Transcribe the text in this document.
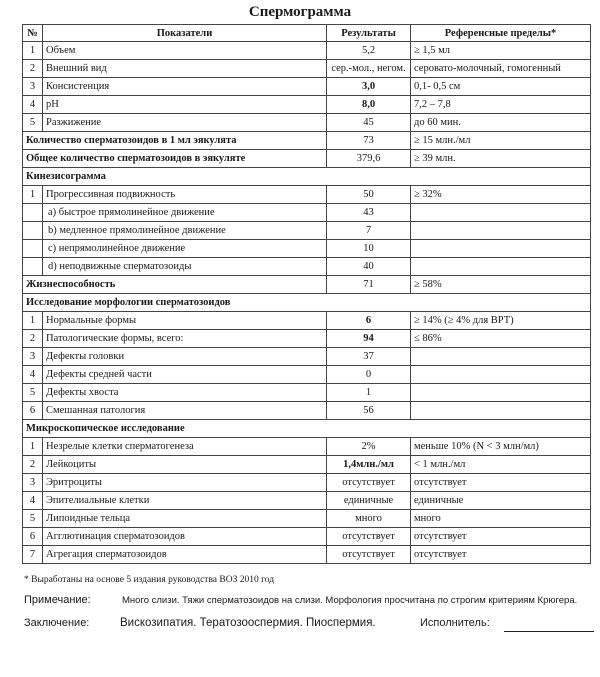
Спермограмма
№	Показатели	Результаты	Референсные пределы*
1	Объем	5,2	≥ 1,5 мл
2	Внешний вид	сер.-мол., негом.	серовато-молочный, гомогенный
3	Консистенция	3,0	0,1- 0,5 см
4	pH	8,0	7,2 – 7,8
5	Разжижение	45	до 60 мин.
Количество сперматозоидов в 1 мл эякулята		73	≥ 15 млн./мл
Общее количество сперматозоидов в эякуляте		379,6	≥ 39 млн.
Кинезисограмма			
1	Прогрессивная подвижность	50	≥ 32%
	a) быстрое прямолинейное движение	43	
	b) медленное прямолинейное движение	7	
	c) непрямолинейное движение	10	
	d) неподвижные сперматозоиды	40	
Жизнеспособность		71	≥ 58%
Исследование морфологии сперматозоидов			
1	Нормальные формы	6	≥ 14% (≥ 4% для ВРТ)
2	Патологические формы, всего:	94	≤ 86%
3	Дефекты головки	37	
4	Дефекты средней части	0	
5	Дефекты хвоста	1	
6	Смешанная патология	56	
Микроскопическое исследование			
1	Незрелые клетки сперматогенеза	2%	меньше 10% (N < 3 млн/мл)
2	Лейкоциты	1,4млн./мл	< 1 млн./мл
3	Эритроциты	отсутствует	отсутствует
4	Эпителиальные клетки	единичные	единичные
5	Липоидные тельца	много	много
6	Агглютинация сперматозоидов	отсутствует	отсутствует
7	Агрегация сперматозоидов	отсутствует	отсутствует
* Выработаны на основе 5 издания руководства ВОЗ 2010 год
Примечание:	Много слизи. Тяжи сперматозоидов на слизи. Морфология просчитана по строгим критериям Крюгера.
Заключение:	Вискозипатия. Тератозооспермия. Пиоспермия.	Исполнитель:
